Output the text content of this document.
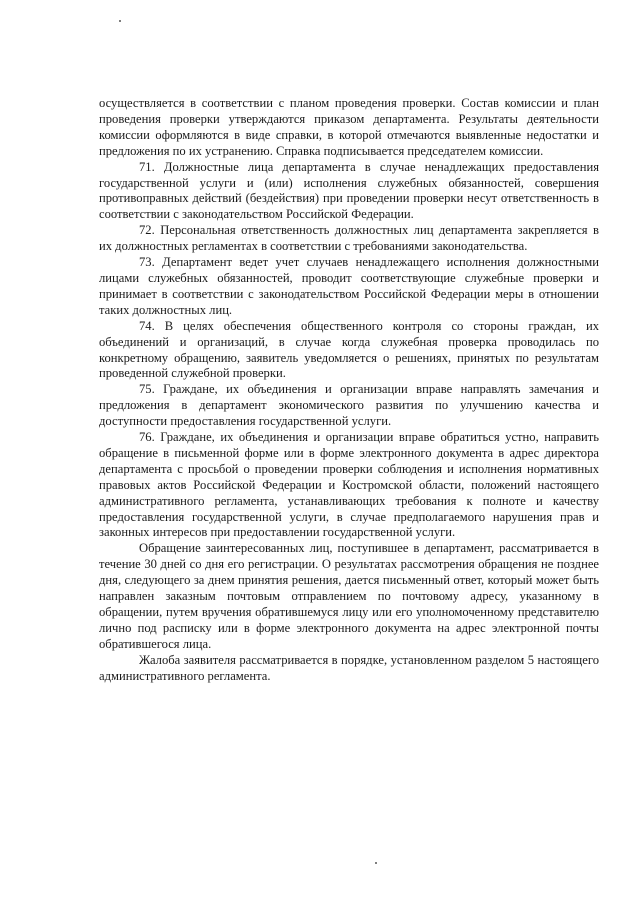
осуществляется в соответствии с планом проведения проверки. Состав комиссии и план проведения проверки утверждаются приказом департамента. Результаты деятельности комиссии оформляются в виде справки, в которой отмечаются выявленные недостатки и предложения по их устранению. Справка подписывается председателем комиссии.

71. Должностные лица департамента в случае ненадлежащих предоставления государственной услуги и (или) исполнения служебных обязанностей, совершения противоправных действий (бездействия) при проведении проверки несут ответственность в соответствии с законодательством Российской Федерации.

72. Персональная ответственность должностных лиц департамента закрепляется в их должностных регламентах в соответствии с требованиями законодательства.

73. Департамент ведет учет случаев ненадлежащего исполнения должностными лицами служебных обязанностей, проводит соответствующие служебные проверки и принимает в соответствии с законодательством Российской Федерации меры в отношении таких должностных лиц.

74. В целях обеспечения общественного контроля со стороны граждан, их объединений и организаций, в случае когда служебная проверка проводилась по конкретному обращению, заявитель уведомляется о решениях, принятых по результатам проведенной служебной проверки.

75. Граждане, их объединения и организации вправе направлять замечания и предложения в департамент экономического развития по улучшению качества и доступности предоставления государственной услуги.

76. Граждане, их объединения и организации вправе обратиться устно, направить обращение в письменной форме или в форме электронного документа в адрес директора департамента с просьбой о проведении проверки соблюдения и исполнения нормативных правовых актов Российской Федерации и Костромской области, положений настоящего административного регламента, устанавливающих требования к полноте и качеству предоставления государственной услуги, в случае предполагаемого нарушения прав и законных интересов при предоставлении государственной услуги.

Обращение заинтересованных лиц, поступившее в департамент, рассматривается в течение 30 дней со дня его регистрации. О результатах рассмотрения обращения не позднее дня, следующего за днем принятия решения, дается письменный ответ, который может быть направлен заказным почтовым отправлением по почтовому адресу, указанному в обращении, путем вручения обратившемуся лицу или его уполномоченному представителю лично под расписку или в форме электронного документа на адрес электронной почты обратившегося лица.

Жалоба заявителя рассматривается в порядке, установленном разделом 5 настоящего административного регламента.
